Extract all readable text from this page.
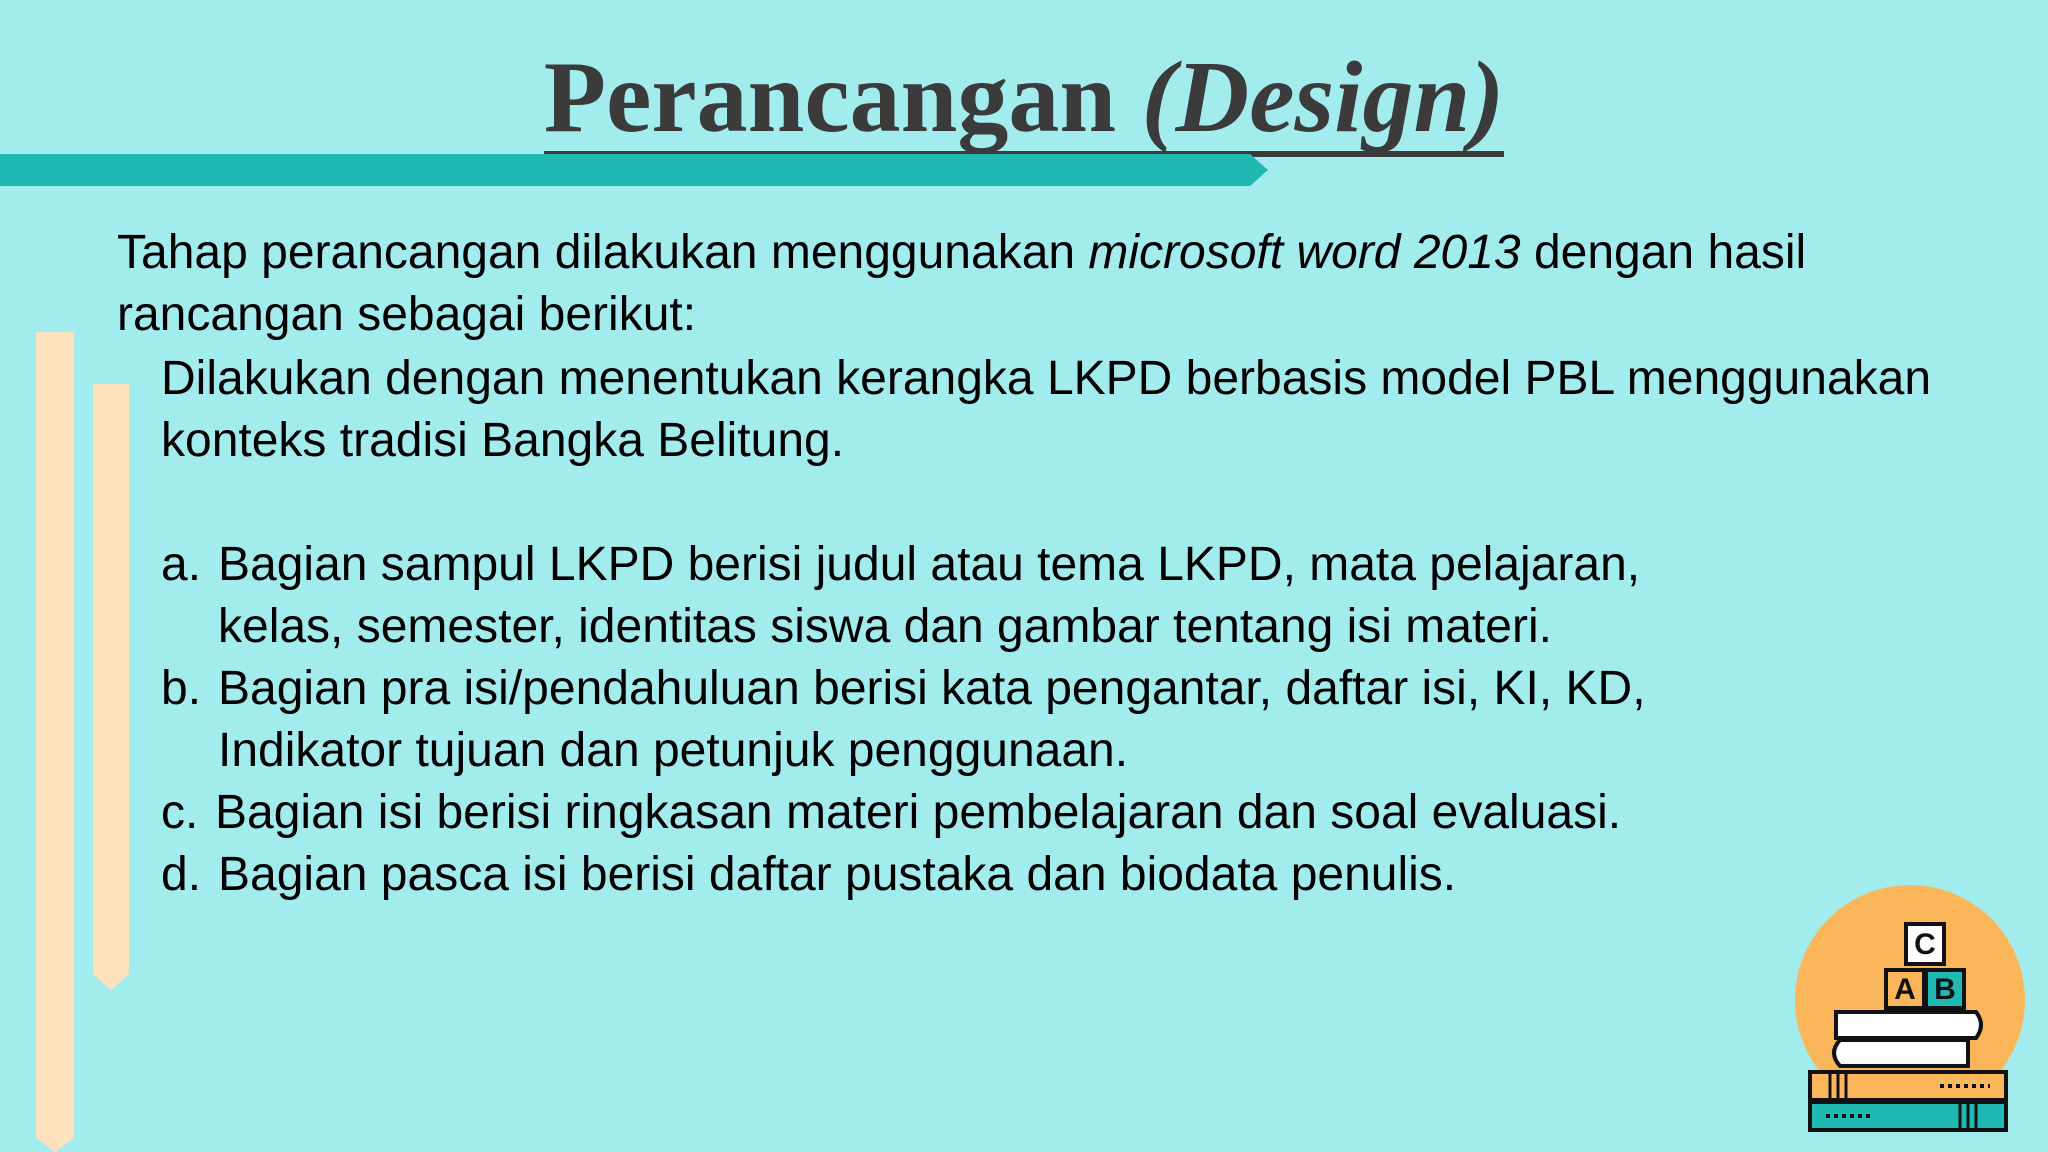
Perancangan (Design)

Tahap perancangan dilakukan menggunakan microsoft word 2013 dengan hasil rancangan sebagai berikut:

Dilakukan dengan menentukan kerangka LKPD berbasis model PBL menggunakan
konteks tradisi Bangka Belitung.
a. Bagian sampul LKPD berisi judul atau tema LKPD, mata pelajaran,
kelas, semester, identitas siswa dan gambar tentang isi materi.
b. Bagian pra isi/pendahuluan berisi kata pengantar, daftar isi, KI, KD,
Indikator tujuan dan petunjuk penggunaan.
c. Bagian isi berisi ringkasan materi pembelajaran dan soal evaluasi.
d. Bagian pasca isi berisi daftar pustaka dan biodata penulis.
A B
C
